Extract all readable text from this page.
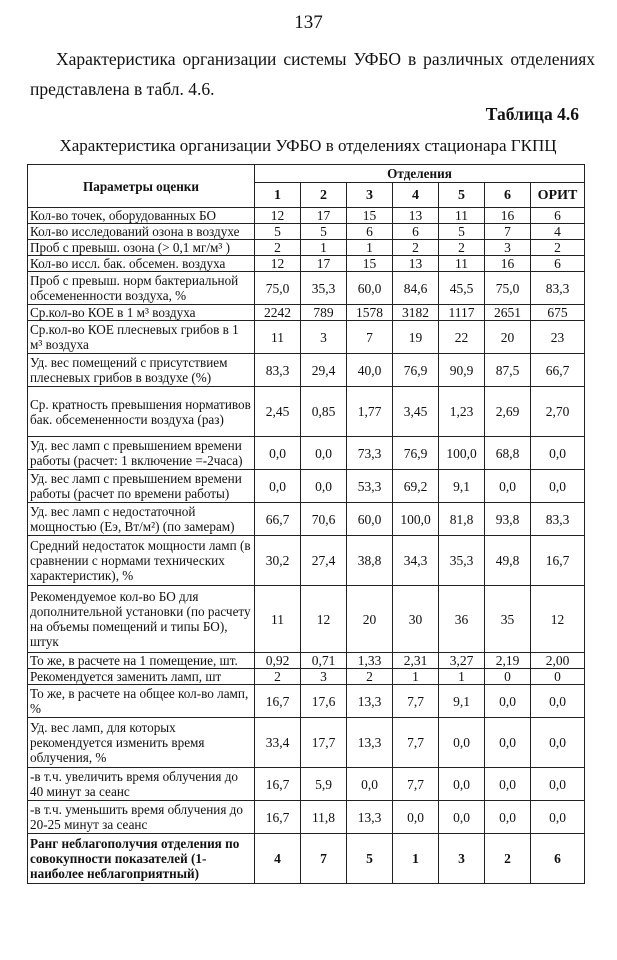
137

Характеристика организации системы УФБО в различных отделениях представлена в табл. 4.6.

Таблица 4.6
Характеристика организации УФБО в отделениях стационара ГКПЦ
Параметры оценки	Отделения						
	1	2	3	4	5	6	ОРИТ
Кол-во точек, оборудованных БО	12	17	15	13	11	16	6
Кол-во исследований озона в воздухе	5	5	6	6	5	7	4
Проб с превыш. озона (> 0,1 мг/м³ )	2	1	1	2	2	3	2
Кол-во иссл. бак. обсемен. воздуха	12	17	15	13	11	16	6
Проб с превыш. норм бактериальной обсемененности воздуха, %	75,0	35,3	60,0	84,6	45,5	75,0	83,3
Ср.кол-во КОЕ в 1 м³ воздуха	2242	789	1578	3182	1117	2651	675
Ср.кол-во КОЕ плесневых грибов в 1 м³ воздуха	11	3	7	19	22	20	23
Уд. вес помещений с присутствием плесневых грибов в воздухе (%)	83,3	29,4	40,0	76,9	90,9	87,5	66,7
Ср. кратность превышения нормативов бак. обсемененности воздуха (раз)	2,45	0,85	1,77	3,45	1,23	2,69	2,70
Уд. вес ламп с превышением времени работы (расчет: 1 включение =-2часа)	0,0	0,0	73,3	76,9	100,0	68,8	0,0
Уд. вес ламп с превышением времени работы (расчет по времени работы)	0,0	0,0	53,3	69,2	9,1	0,0	0,0
Уд. вес ламп с недостаточной мощностью (Еэ, Вт/м²) (по замерам)	66,7	70,6	60,0	100,0	81,8	93,8	83,3
Средний недостаток мощности ламп (в сравнении с нормами технических характеристик), %	30,2	27,4	38,8	34,3	35,3	49,8	16,7
Рекомендуемое кол-во БО для дополнительной установки (по расчету на объемы помещений и типы БО), штук	11	12	20	30	36	35	12
То же, в расчете на 1 помещение, шт.	0,92	0,71	1,33	2,31	3,27	2,19	2,00
Рекомендуется заменить ламп, шт	2	3	2	1	1	0	0
То же, в расчете на общее кол-во ламп, %	16,7	17,6	13,3	7,7	9,1	0,0	0,0
Уд. вес ламп, для которых рекомендуется изменить время облучения, %	33,4	17,7	13,3	7,7	0,0	0,0	0,0
-в т.ч. увеличить время облучения до 40 минут за сеанс	16,7	5,9	0,0	7,7	0,0	0,0	0,0
-в т.ч. уменьшить время облучения до 20-25 минут за сеанс	16,7	11,8	13,3	0,0	0,0	0,0	0,0
Ранг неблагополучия отделения по совокупности показателей (1- наиболее неблагоприятный)	4	7	5	1	3	2	6
